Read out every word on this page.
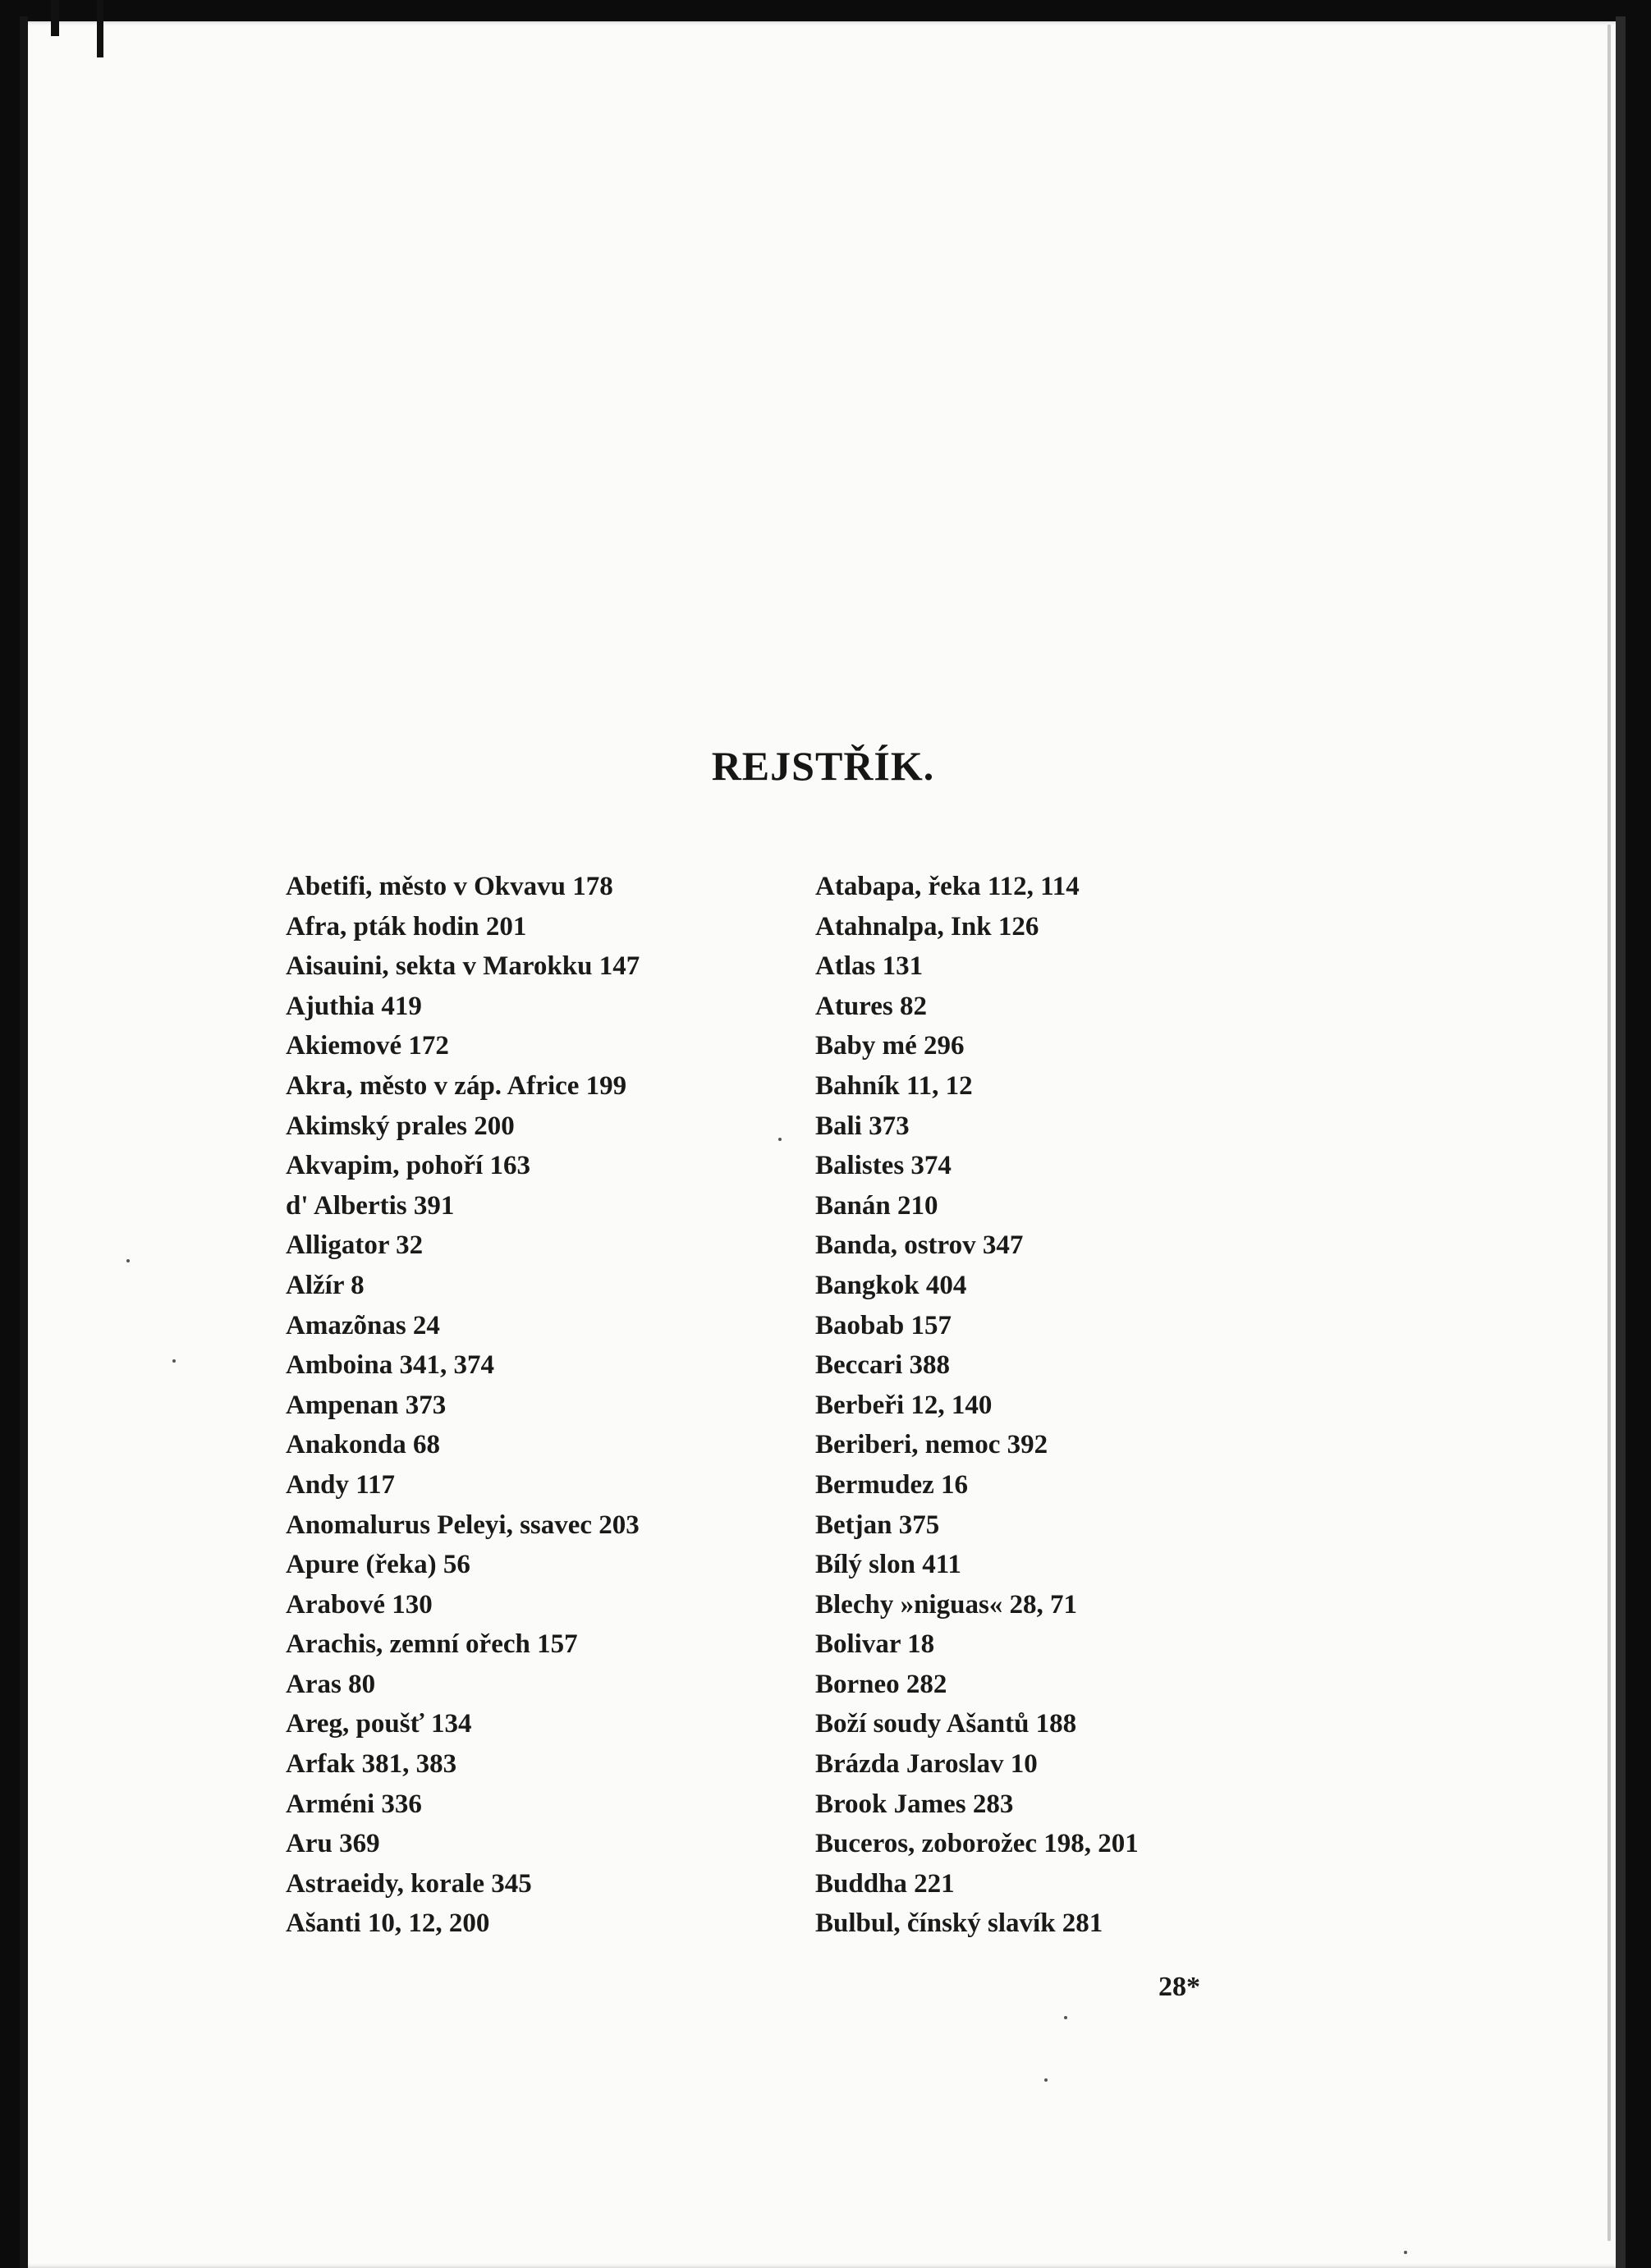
REJSTŘÍK.
Abetifi, město v Okvavu 178
Afra, pták hodin 201
Aisauini, sekta v Marokku 147
Ajuthia 419
Akiemové 172
Akra, město v záp. Africe 199
Akimský prales 200
Akvapim, pohoří 163
d' Albertis 391
Alligator 32
Alžír 8
Amazõnas 24
Amboina 341, 374
Ampenan 373
Anakonda 68
Andy 117
Anomalurus Peleyi, ssavec 203
Apure (řeka) 56
Arabové 130
Arachis, zemní ořech 157
Aras 80
Areg, poušť 134
Arfak 381, 383
Arméni 336
Aru 369
Astraeidy, korale 345
Ašanti 10, 12, 200
Atabapa, řeka 112, 114
Atahnalpa, Ink 126
Atlas 131
Atures 82
Baby mé 296
Bahník 11, 12
Bali 373
Balistes 374
Banán 210
Banda, ostrov 347
Bangkok 404
Baobab 157
Beccari 388
Berbeři 12, 140
Beriberi, nemoc 392
Bermudez 16
Betjan 375
Bílý slon 411
Blechy »niguas« 28, 71
Bolivar 18
Borneo 282
Boží soudy Ašantů 188
Brázda Jaroslav 10
Brook James 283
Buceros, zoborožec 198, 201
Buddha 221
Bulbul, čínský slavík 281
28*
